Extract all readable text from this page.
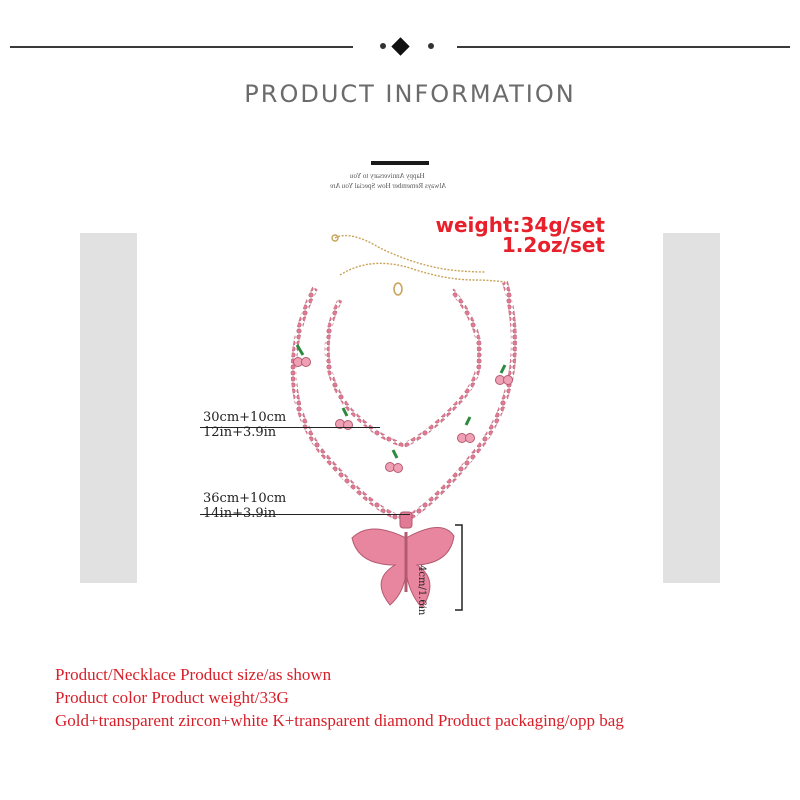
PRODUCT INFORMATION
Happy Anniversary to You
Always Remember How Special You Are
weight:34g/set
1.2oz/set
30cm+10cm
12in+3.9in
36cm+10cm
14in+3.9in
4cm/1.6in
Product/Necklace Product size/as shown
Product color Product weight/33G
Gold+transparent zircon+white K+transparent diamond Product packaging/opp bag
